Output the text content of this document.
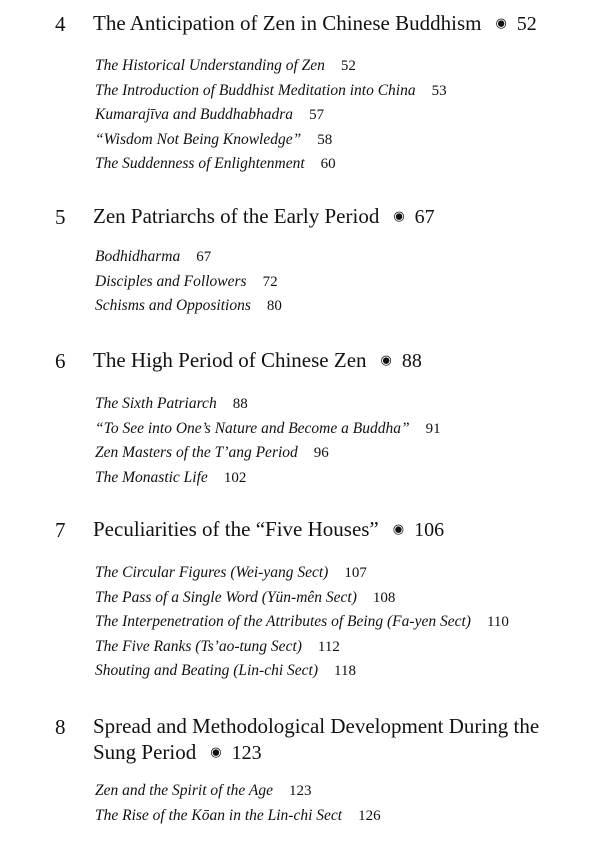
4 The Anticipation of Zen in Chinese Buddhism ◉ 52
The Historical Understanding of Zen 52
The Introduction of Buddhist Meditation into China 53
Kumarajīva and Buddhabhadra 57
“Wisdom Not Being Knowledge” 58
The Suddenness of Enlightenment 60
5 Zen Patriarchs of the Early Period ◉ 67
Bodhidharma 67
Disciples and Followers 72
Schisms and Oppositions 80
6 The High Period of Chinese Zen ◉ 88
The Sixth Patriarch 88
“To See into One’s Nature and Become a Buddha” 91
Zen Masters of the T’ang Period 96
The Monastic Life 102
7 Peculiarities of the “Five Houses” ◉ 106
The Circular Figures (Wei-yang Sect) 107
The Pass of a Single Word (Yün-mên Sect) 108
The Interpenetration of the Attributes of Being (Fa-yen Sect) 110
The Five Ranks (Ts’ao-tung Sect) 112
Shouting and Beating (Lin-chi Sect) 118
8 Spread and Methodological Development During the Sung Period ◉ 123
Zen and the Spirit of the Age 123
The Rise of the Kōan in the Lin-chi Sect 126
